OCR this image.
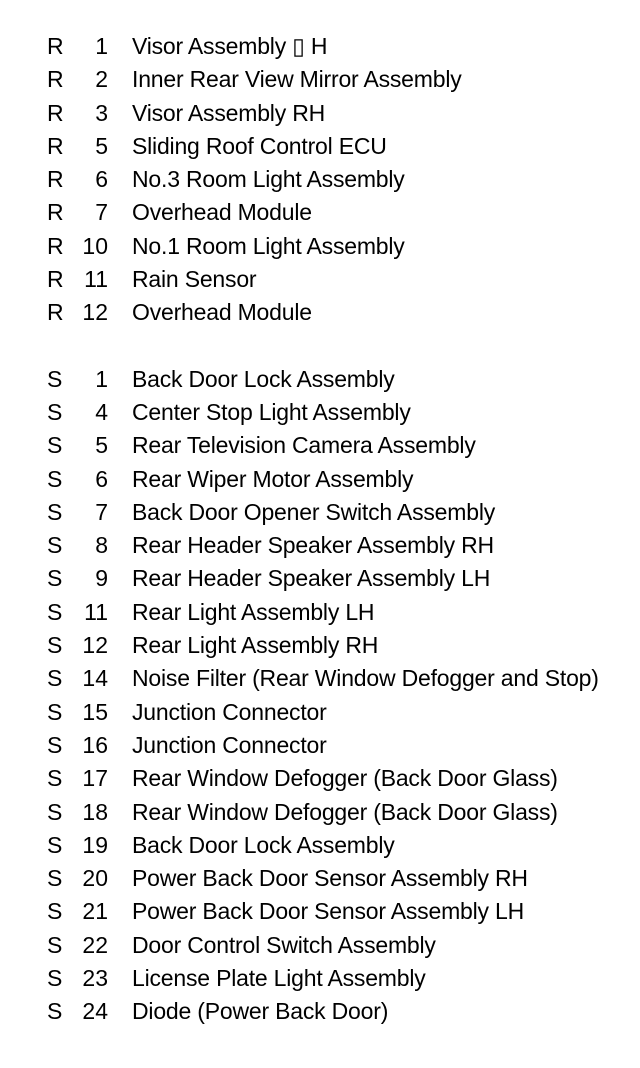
R	1 Visor Assembly ▯ H
R	2 Inner Rear View Mirror Assembly
R	3 Visor Assembly RH
R	5 Sliding Roof Control ECU
R	6 No.3 Room Light Assembly
R	7 Overhead Module
R 10 No.1 Room Light Assembly
R 11 Rain Sensor
R 12 Overhead Module
S	1 Back Door Lock Assembly
S	4 Center Stop Light Assembly
S	5 Rear Television Camera Assembly
S	6 Rear Wiper Motor Assembly
S	7 Back Door Opener Switch Assembly
S	8 Rear Header Speaker Assembly RH
S	9 Rear Header Speaker Assembly LH
S 11 Rear Light Assembly LH
S 12 Rear Light Assembly RH
S 14 Noise Filter (Rear Window Defogger and Stop)
S 15 Junction Connector
S 16 Junction Connector
S 17 Rear Window Defogger (Back Door Glass)
S 18 Rear Window Defogger (Back Door Glass)
S 19 Back Door Lock Assembly
S 20 Power Back Door Sensor Assembly RH
S 21 Power Back Door Sensor Assembly LH
S 22 Door Control Switch Assembly
S 23 License Plate Light Assembly
S 24 Diode (Power Back Door)
